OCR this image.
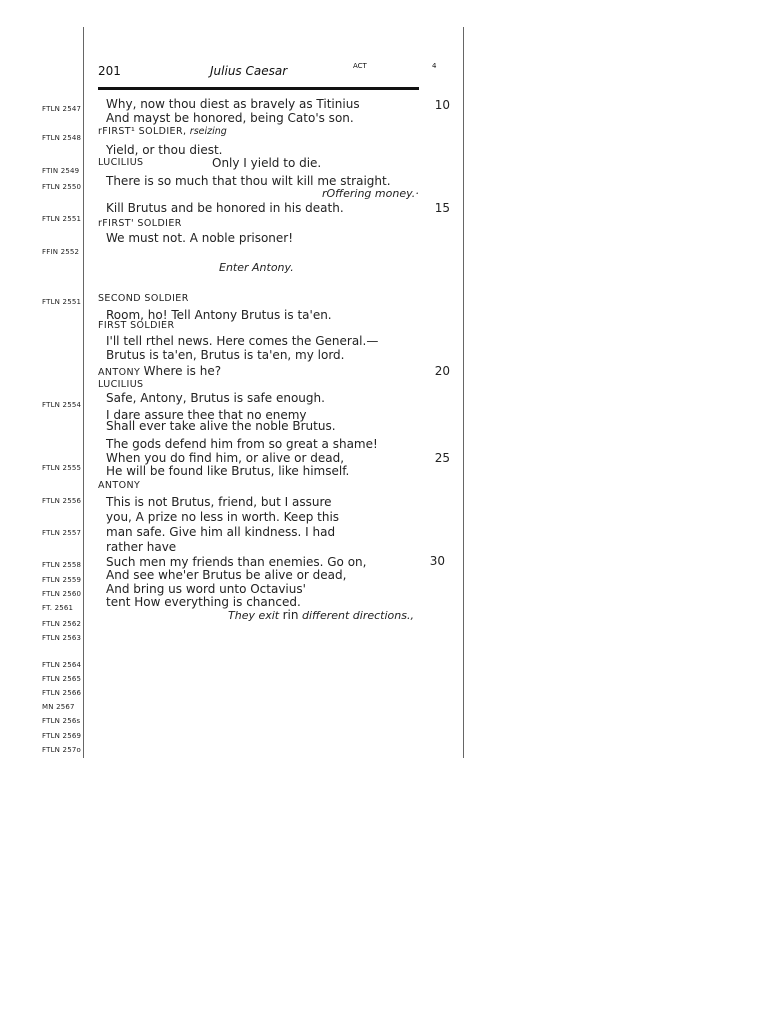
201	Julius Caesar	ACT	4
FTLN 2547
FTLN 2548
FTIN 2549
FTLN 2550
FTLN 2551
FFIN 2552
FTLN 2551
FTLN 2554
FTLN 2555
FTLN 2556
FTLN 2557
FTLN 2558
FTLN 2559
FTLN 2560
FT. 2561
FTLN 2562
FTLN 2563
FTLN 2564
FTLN 2565
FTLN 2566
MN 2567
FTLN 256s
FTLN 2569
FTLN 257o
Why, now thou diest as bravely as Titinius
And mayst be honored, being Cato's son.
rFIRST¹ SOLDIER, rseizing
Yield, or thou diest.
LUCILIUS	Only I yield to die.
There is so much that thou wilt kill me straight.
rOffering money.·
Kill Brutus and be honored in his death.
rFIRST' SOLDIER
We must not. A noble prisoner!
Enter Antony.
SECOND SOLDIER
Room, ho! Tell Antony Brutus is ta'en.
FIRST SOLDIER
I'll tell rthel news. Here comes the General.—
Brutus is ta'en, Brutus is ta'en, my lord.
ANTONY Where is he?
LUCILIUS
Safe, Antony, Brutus is safe enough.
I dare assure thee that no enemy
Shall ever take alive the noble Brutus.
The gods defend him from so great a shame!
When you do find him, or alive or dead,
He will be found like Brutus, like himself.
ANTONY
This is not Brutus, friend, but I assure
you, A prize no less in worth. Keep this
man safe. Give him all kindness. I had
rather have
Such men my friends than enemies. Go on,
And see whe'er Brutus be alive or dead,
And bring us word unto Octavius'
tent How everything is chanced.
They exit rin different directions.,
10
15
20
25
30
